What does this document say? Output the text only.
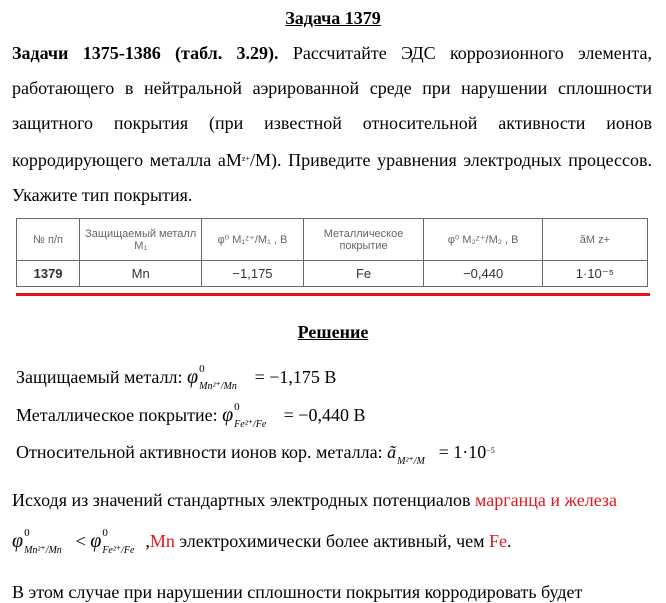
Задача 1379
Задачи 1375-1386 (табл. 3.29). Рассчитайте ЭДС коррозионного элемента, работающего в нейтральной аэрированной среде при нарушении сплошности защитного покрытия (при известной относительной активности ионов корродирующего металла $aM^{z+}/M$). Приведите уравнения электродных процессов. Укажите тип покрытия.
№ п/п	Защищаемый металл M₁	φ⁰ M₁ᶻ⁺/M₁ , B	Металлическое покрытие	φ⁰ M₂ᶻ⁺/M₂ , B	ãM z+
1379	Mn	−1,175	Fe	−0,440	1·10⁻⁵
Решение
Защищаемый металл: φ 0
Mn²⁺/Mn = −1,175 В
Металлическое покрытие: φ 0
Fe²⁺/Fe = −0,440 В
Относительной активности ионов кор. металла: ã $M^{2+}/M = 1\cdot 10^{-5}$
Исходя из значений стандартных электродных потенциалов марганца и железа
φ 0
Mn²⁺/Mn < φ 0
Fe²⁺/Fe ,Mn электрохимически более активный, чем Fe.
В этом случае при нарушении сплошности покрытия корродировать будет
